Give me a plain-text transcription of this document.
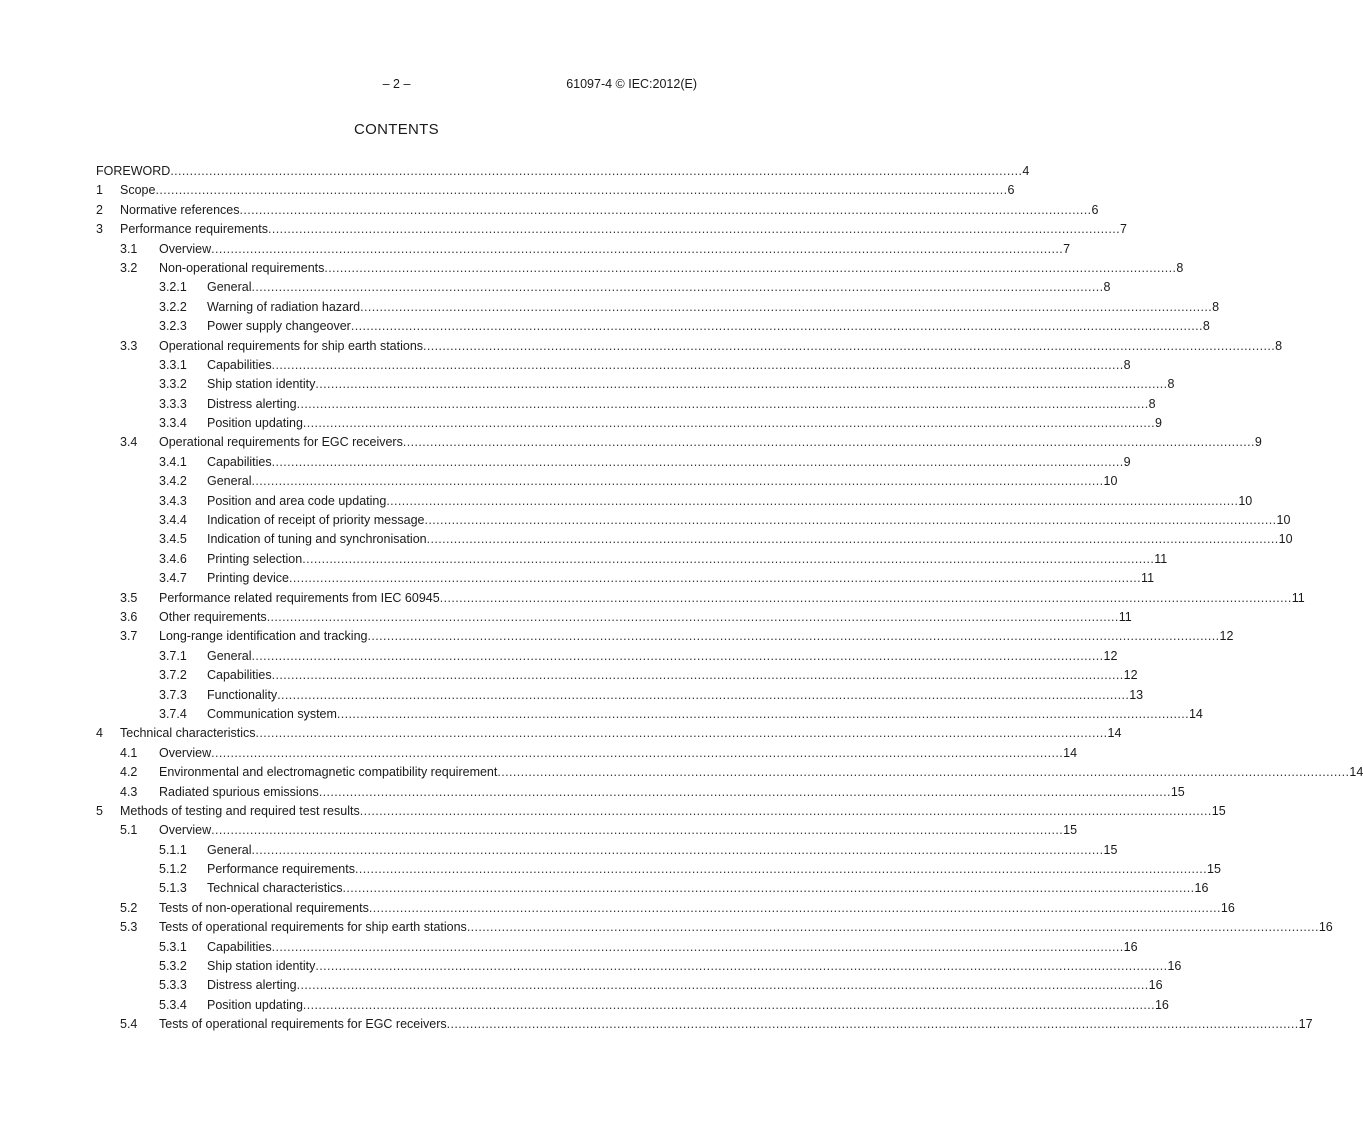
– 2 –	61097-4 © IEC:2012(E)
CONTENTS
FOREWORD ............................................................................................................................................................................................................................ 4
1 Scope ............................................................................................................................................................................................................................ 6
2 Normative references ............................................................................................................................................................................................................................ 6
3 Performance requirements ............................................................................................................................................................................................................................ 7
3.1 Overview ............................................................................................................................................................................................................................ 7
3.2 Non-operational requirements ............................................................................................................................................................................................................................ 8
3.2.1 General ............................................................................................................................................................................................................................ 8
3.2.2 Warning of radiation hazard ............................................................................................................................................................................................................................ 8
3.2.3 Power supply changeover ............................................................................................................................................................................................................................ 8
3.3 Operational requirements for ship earth stations ............................................................................................................................................................................................................................ 8
3.3.1 Capabilities ............................................................................................................................................................................................................................ 8
3.3.2 Ship station identity ............................................................................................................................................................................................................................ 8
3.3.3 Distress alerting ............................................................................................................................................................................................................................ 8
3.3.4 Position updating ............................................................................................................................................................................................................................ 9
3.4 Operational requirements for EGC receivers ............................................................................................................................................................................................................................ 9
3.4.1 Capabilities ............................................................................................................................................................................................................................ 9
3.4.2 General ............................................................................................................................................................................................................................ 10
3.4.3 Position and area code updating ............................................................................................................................................................................................................................ 10
3.4.4 Indication of receipt of priority message ............................................................................................................................................................................................................................ 10
3.4.5 Indication of tuning and synchronisation ............................................................................................................................................................................................................................ 10
3.4.6 Printing selection ............................................................................................................................................................................................................................ 11
3.4.7 Printing device ............................................................................................................................................................................................................................ 11
3.5 Performance related requirements from IEC 60945 ............................................................................................................................................................................................................................ 11
3.6 Other requirements ............................................................................................................................................................................................................................ 11
3.7 Long-range identification and tracking ............................................................................................................................................................................................................................ 12
3.7.1 General ............................................................................................................................................................................................................................ 12
3.7.2 Capabilities ............................................................................................................................................................................................................................ 12
3.7.3 Functionality ............................................................................................................................................................................................................................ 13
3.7.4 Communication system ............................................................................................................................................................................................................................ 14
4 Technical characteristics ............................................................................................................................................................................................................................ 14
4.1 Overview ............................................................................................................................................................................................................................ 14
4.2 Environmental and electromagnetic compatibility requirement ............................................................................................................................................................................................................................ 14
4.3 Radiated spurious emissions ............................................................................................................................................................................................................................ 15
5 Methods of testing and required test results ............................................................................................................................................................................................................................ 15
5.1 Overview ............................................................................................................................................................................................................................ 15
5.1.1 General ............................................................................................................................................................................................................................ 15
5.1.2 Performance requirements ............................................................................................................................................................................................................................ 15
5.1.3 Technical characteristics ............................................................................................................................................................................................................................ 16
5.2 Tests of non-operational requirements ............................................................................................................................................................................................................................ 16
5.3 Tests of operational requirements for ship earth stations ............................................................................................................................................................................................................................ 16
5.3.1 Capabilities ............................................................................................................................................................................................................................ 16
5.3.2 Ship station identity ............................................................................................................................................................................................................................ 16
5.3.3 Distress alerting ............................................................................................................................................................................................................................ 16
5.3.4 Position updating ............................................................................................................................................................................................................................ 16
5.4 Tests of operational requirements for EGC receivers ............................................................................................................................................................................................................................ 17
